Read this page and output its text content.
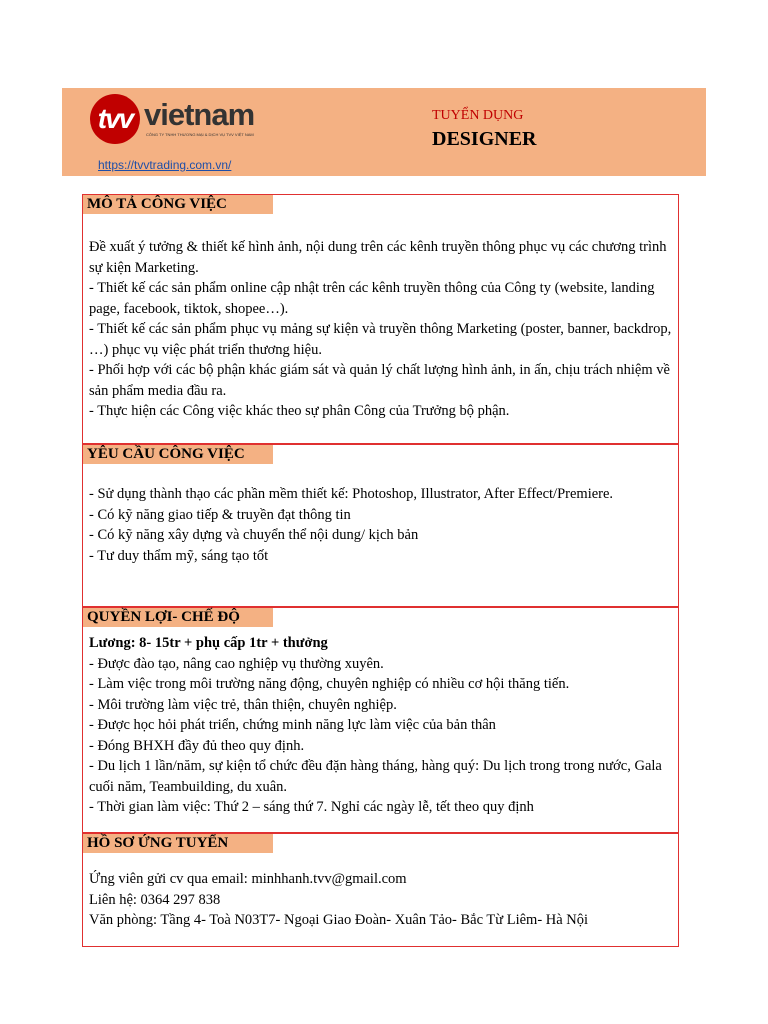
tvv vietnam
CÔNG TY TNHH THƯƠNG MẠI & DỊCH VỤ TVV VIỆT NAM
https://tvvtrading.com.vn/
TUYỂN DỤNG
DESIGNER
MÔ TẢ CÔNG VIỆC

Đề xuất ý tưởng & thiết kế hình ảnh, nội dung trên các kênh truyền thông phục vụ các chương trình sự kiện Marketing.

- Thiết kế các sản phẩm online cập nhật trên các kênh truyền thông của Công ty (website, landing page, facebook, tiktok, shopee…).

- Thiết kế các sản phẩm phục vụ mảng sự kiện và truyền thông Marketing (poster, banner, backdrop, …) phục vụ việc phát triển thương hiệu.

- Phối hợp với các bộ phận khác giám sát và quản lý chất lượng hình ảnh, in ấn, chịu trách nhiệm về sản phẩm media đầu ra.

- Thực hiện các Công việc khác theo sự phân Công của Trưởng bộ phận.

YÊU CẦU CÔNG VIỆC

- Sử dụng thành thạo các phần mềm thiết kế: Photoshop, Illustrator, After Effect/Premiere.

- Có kỹ năng giao tiếp & truyền đạt thông tin

- Có kỹ năng xây dựng và chuyển thể nội dung/ kịch bản

- Tư duy thẩm mỹ, sáng tạo tốt

QUYỀN LỢI- CHẾ ĐỘ

Lương: 8- 15tr + phụ cấp 1tr + thưởng

- Được đào tạo, nâng cao nghiệp vụ thường xuyên.

- Làm việc trong môi trường năng động, chuyên nghiệp có nhiều cơ hội thăng tiến.

- Môi trường làm việc trẻ, thân thiện, chuyên nghiệp.

- Được học hỏi phát triển, chứng minh năng lực làm việc của bản thân

- Đóng BHXH đầy đủ theo quy định.

- Du lịch 1 lần/năm, sự kiện tổ chức đều đặn hàng tháng, hàng quý: Du lịch trong trong nước, Gala cuối năm, Teambuilding, du xuân.

- Thời gian làm việc: Thứ 2 – sáng thứ 7. Nghỉ các ngày lễ, tết theo quy định

HỒ SƠ ỨNG TUYỂN

Ứng viên gửi cv qua email: minhhanh.tvv@gmail.com

Liên hệ: 0364 297 838

Văn phòng: Tầng 4- Toà N03T7- Ngoại Giao Đoàn- Xuân Tảo- Bắc Từ Liêm- Hà Nội
